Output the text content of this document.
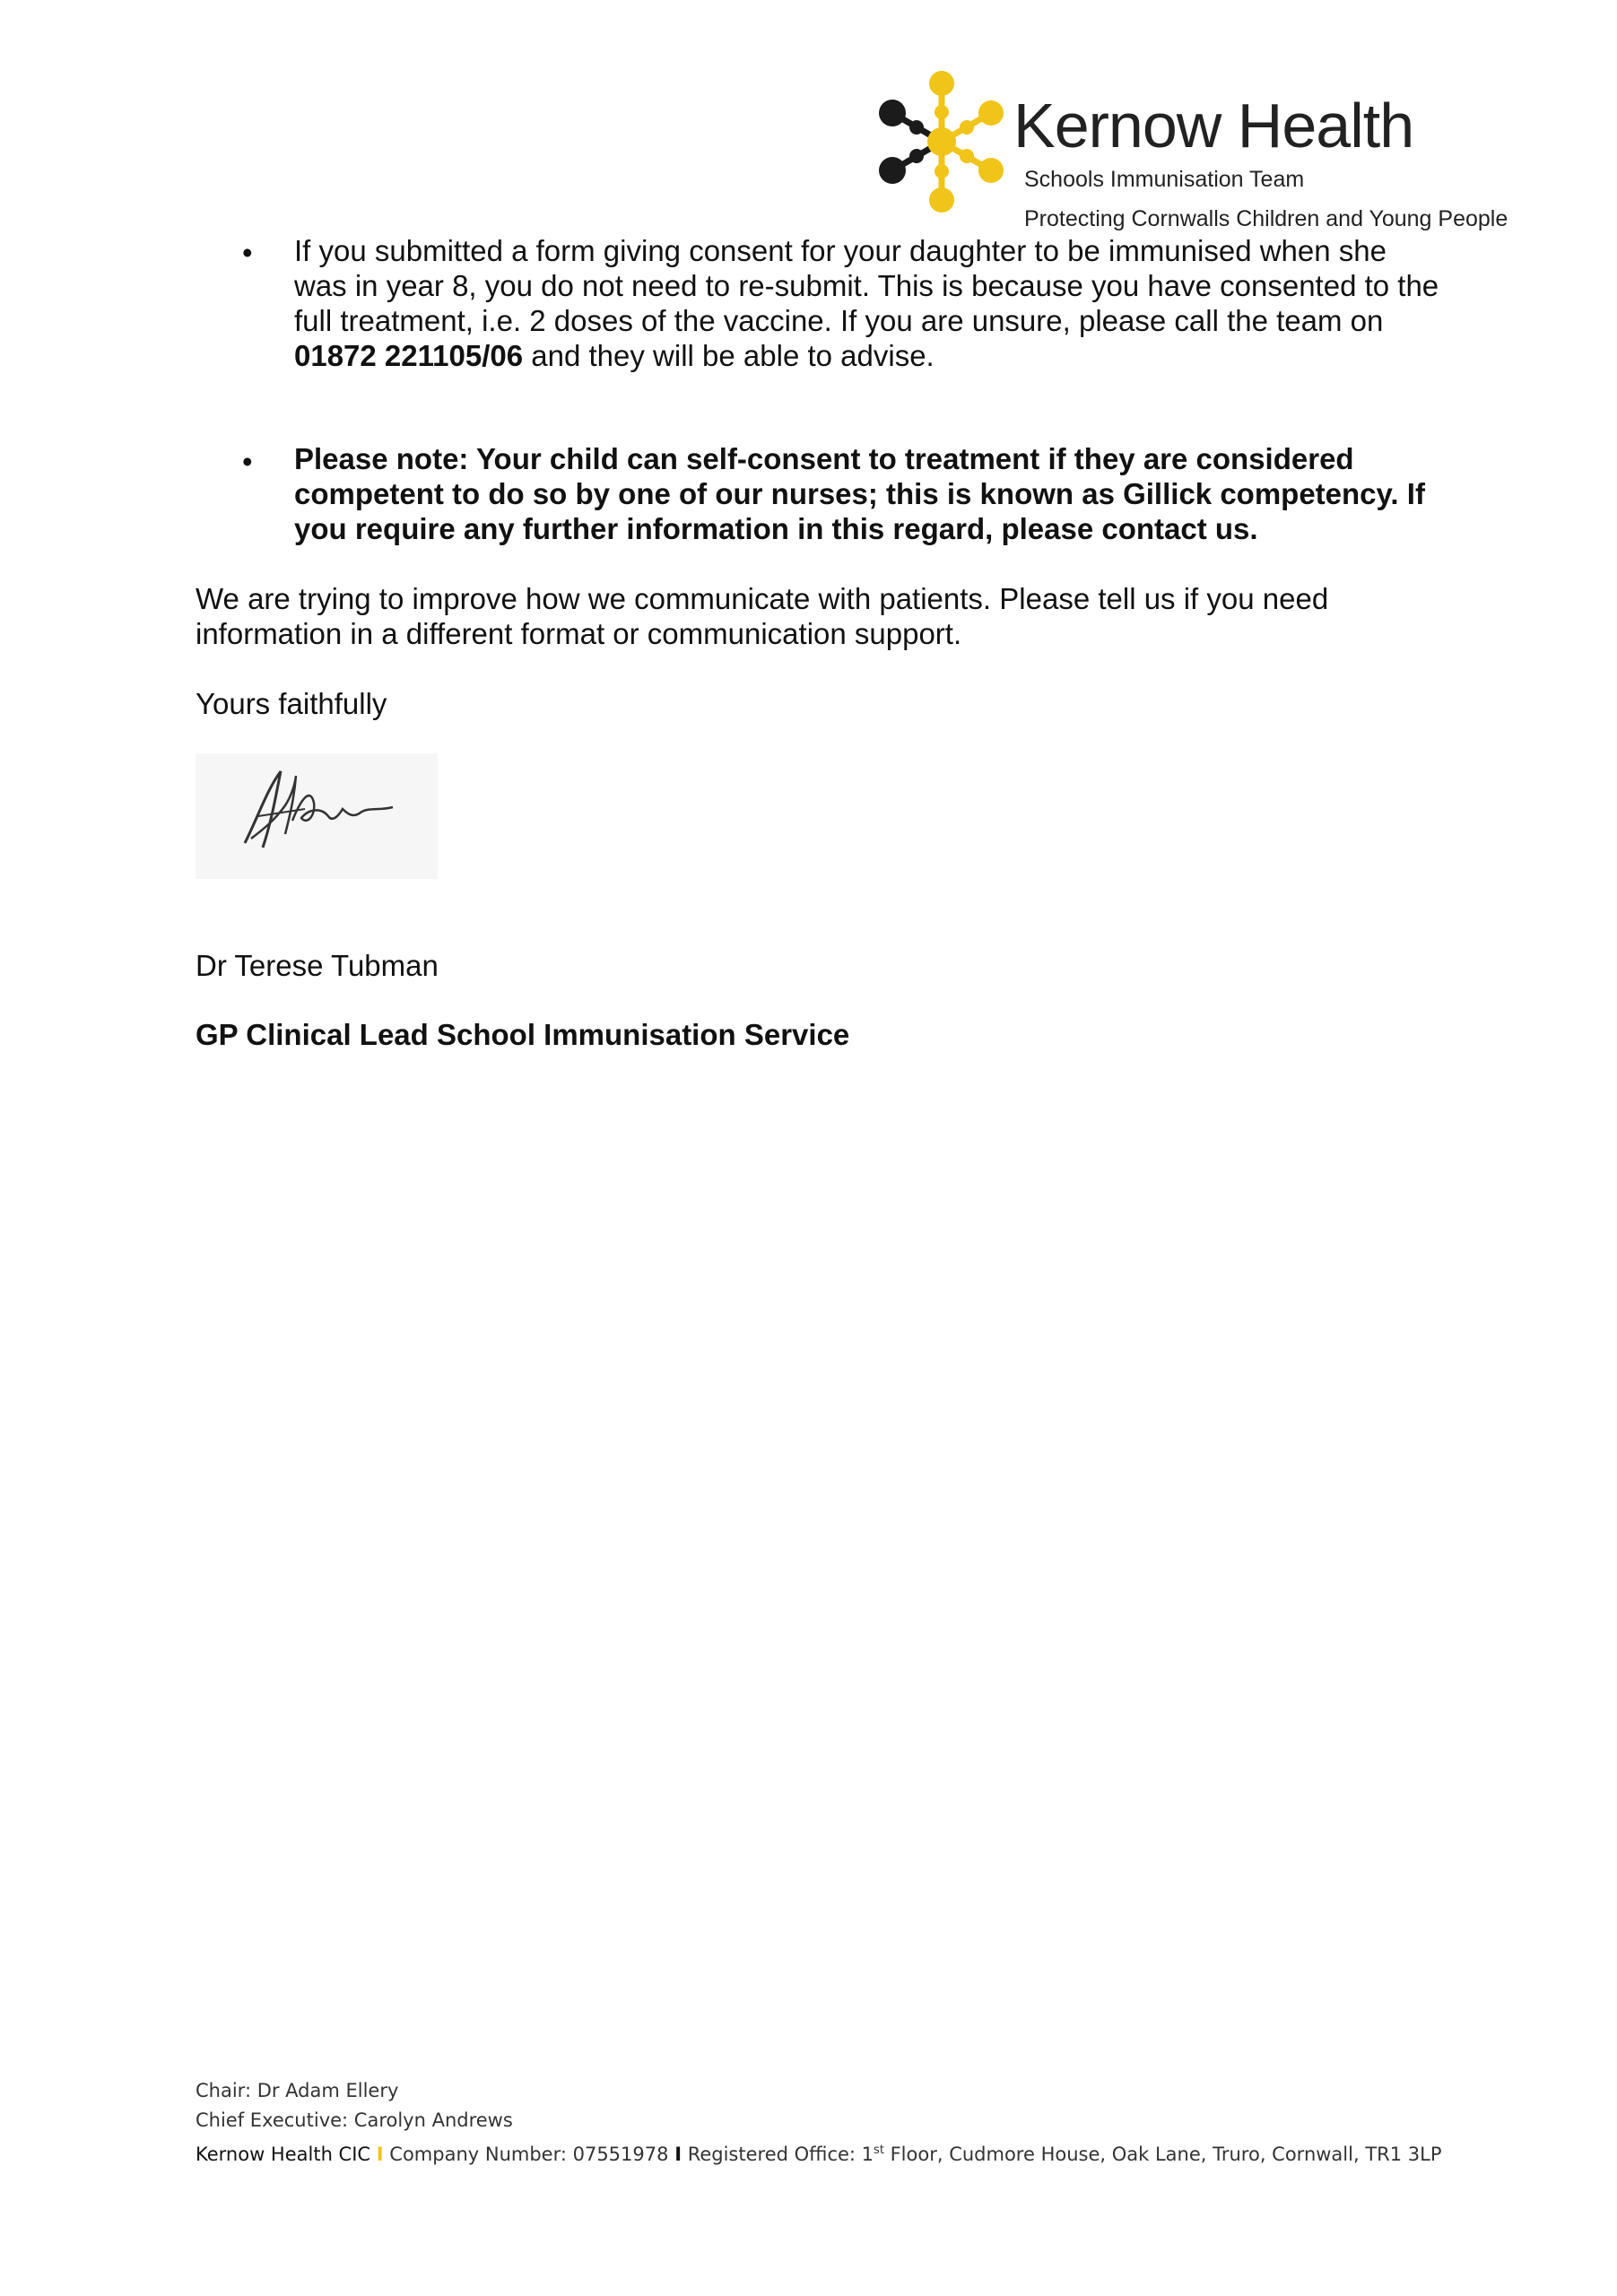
Kernow Health
Schools Immunisation Team
Protecting Cornwalls Children and Young People
• If you submitted a form giving consent for your daughter to be immunised when she was in year 8, you do not need to re-submit. This is because you have consented to the full treatment, i.e. 2 doses of the vaccine. If you are unsure, please call the team on 01872 221105/06 and they will be able to advise.
• Please note: Your child can self-consent to treatment if they are considered competent to do so by one of our nurses; this is known as Gillick competency. If you require any further information in this regard, please contact us.
We are trying to improve how we communicate with patients. Please tell us if you need information in a different format or communication support.
Yours faithfully
Dr Terese Tubman
GP Clinical Lead School Immunisation Service
Chair: Dr Adam Ellery
Chief Executive: Carolyn Andrews
Kernow Health CIC I Company Number: 07551978 I Registered Office: 1st Floor, Cudmore House, Oak Lane, Truro, Cornwall, TR1 3LP
